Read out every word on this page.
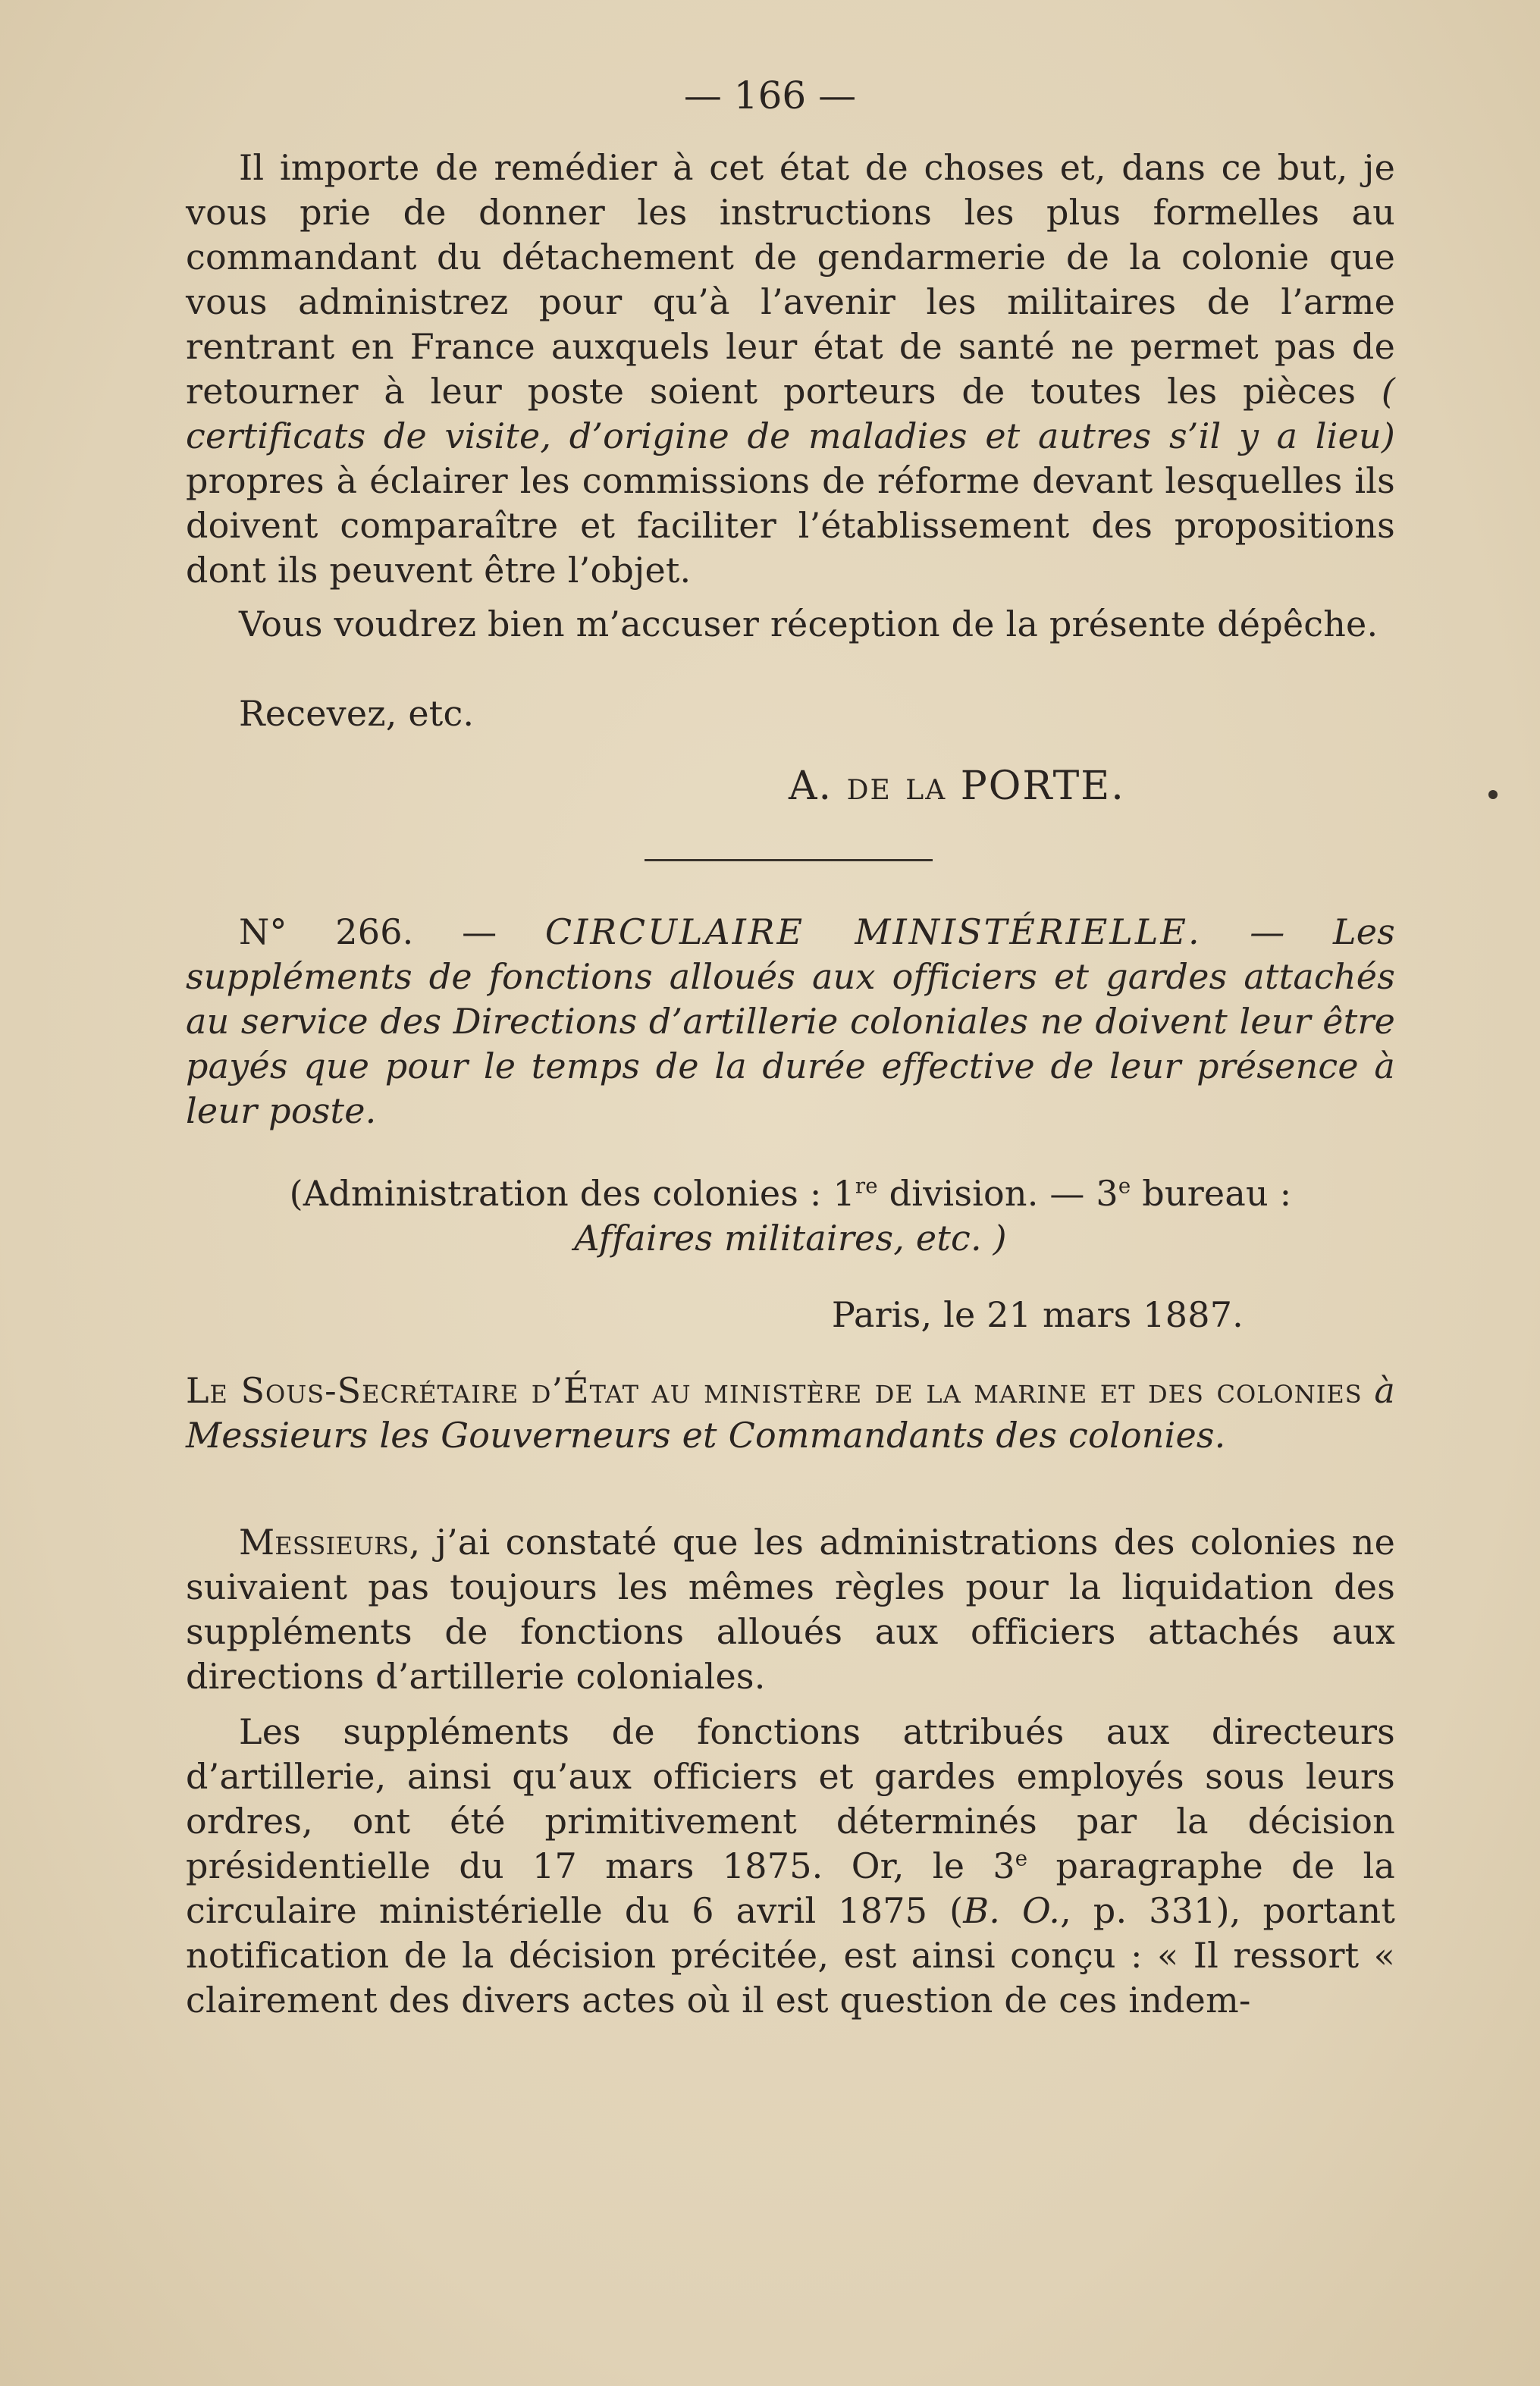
— 166 —

Il importe de remédier à cet état de choses et, dans ce but, je vous prie de donner les instructions les plus formelles au commandant du détachement de gendarmerie de la colonie que vous administrez pour qu’à l’avenir les militaires de l’arme rentrant en France auxquels leur état de santé ne permet pas de retourner à leur poste soient porteurs de toutes les pièces ( certificats de visite, d’origine de maladies et autres s’il y a lieu) propres à éclairer les commissions de réforme devant lesquelles ils doivent comparaître et faciliter l’établissement des propositions dont ils peuvent être l’objet.

Vous voudrez bien m’accuser réception de la présente dépêche.

Recevez, etc.

A. de la PORTE.

N° 266. — CIRCULAIRE MINISTÉRIELLE. — Les suppléments de fonctions alloués aux officiers et gardes attachés au service des Directions d’artillerie coloniales ne doivent leur être payés que pour le temps de la durée effective de leur présence à leur poste.

(Administration des colonies : 1re division. — 3e bureau :
Affaires militaires, etc. )
Paris, le 21 mars 1887.

Le Sous-Secrétaire d’État au ministère de la marine et des colonies à Messieurs les Gouverneurs et Commandants des colonies.

Messieurs, j’ai constaté que les administrations des colonies ne suivaient pas toujours les mêmes règles pour la liquidation des suppléments de fonctions alloués aux officiers attachés aux directions d’artillerie coloniales.

Les suppléments de fonctions attribués aux directeurs d’artillerie, ainsi qu’aux officiers et gardes employés sous leurs ordres, ont été primitivement déterminés par la décision présidentielle du 17 mars 1875. Or, le 3e paragraphe de la circulaire ministérielle du 6 avril 1875 (B. O., p. 331), portant notification de la décision précitée, est ainsi conçu : « Il ressort « clairement des divers actes où il est question de ces indem-
